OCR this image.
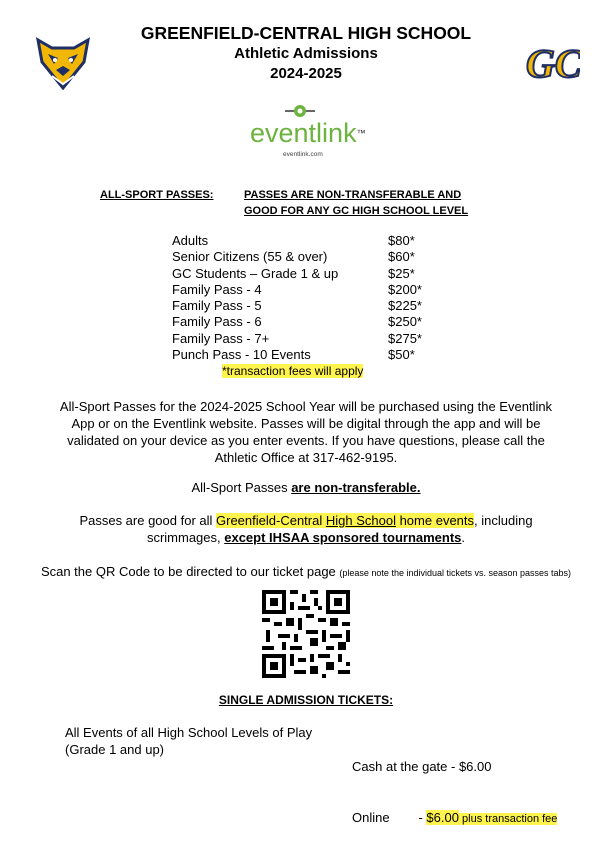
GREENFIELD-CENTRAL HIGH SCHOOL
Athletic Admissions
2024-2025	GC
eventlink™
eventlink.com
ALL-SPORT PASSES:	PASSES ARE NON-TRANSFERABLE AND
GOOD FOR ANY GC HIGH SCHOOL LEVEL
Adults	$80*
Senior Citizens (55 & over)	$60*
GC Students – Grade 1 & up	$25*
Family Pass - 4	$200*
Family Pass - 5	$225*
Family Pass - 6	$250*
Family Pass - 7+	$275*
Punch Pass - 10 Events	$50*
*transaction fees will apply
All-Sport Passes for the 2024-2025 School Year will be purchased using the Eventlink
App or on the Eventlink website. Passes will be digital through the app and will be
validated on your device as you enter events. If you have questions, please call the
Athletic Office at 317-462-9195.
All-Sport Passes are non-transferable.
Passes are good for all Greenfield-Central High School home events, including
scrimmages, except IHSAA sponsored tournaments.
Scan the QR Code to be directed to our ticket page (please note the individual tickets vs. season passes tabs)
SINGLE ADMISSION TICKETS:
All Events of all High School Levels of Play
(Grade 1 and up)

Cash at the gate - $6.00

Online        - $6.00 plus transaction fee
